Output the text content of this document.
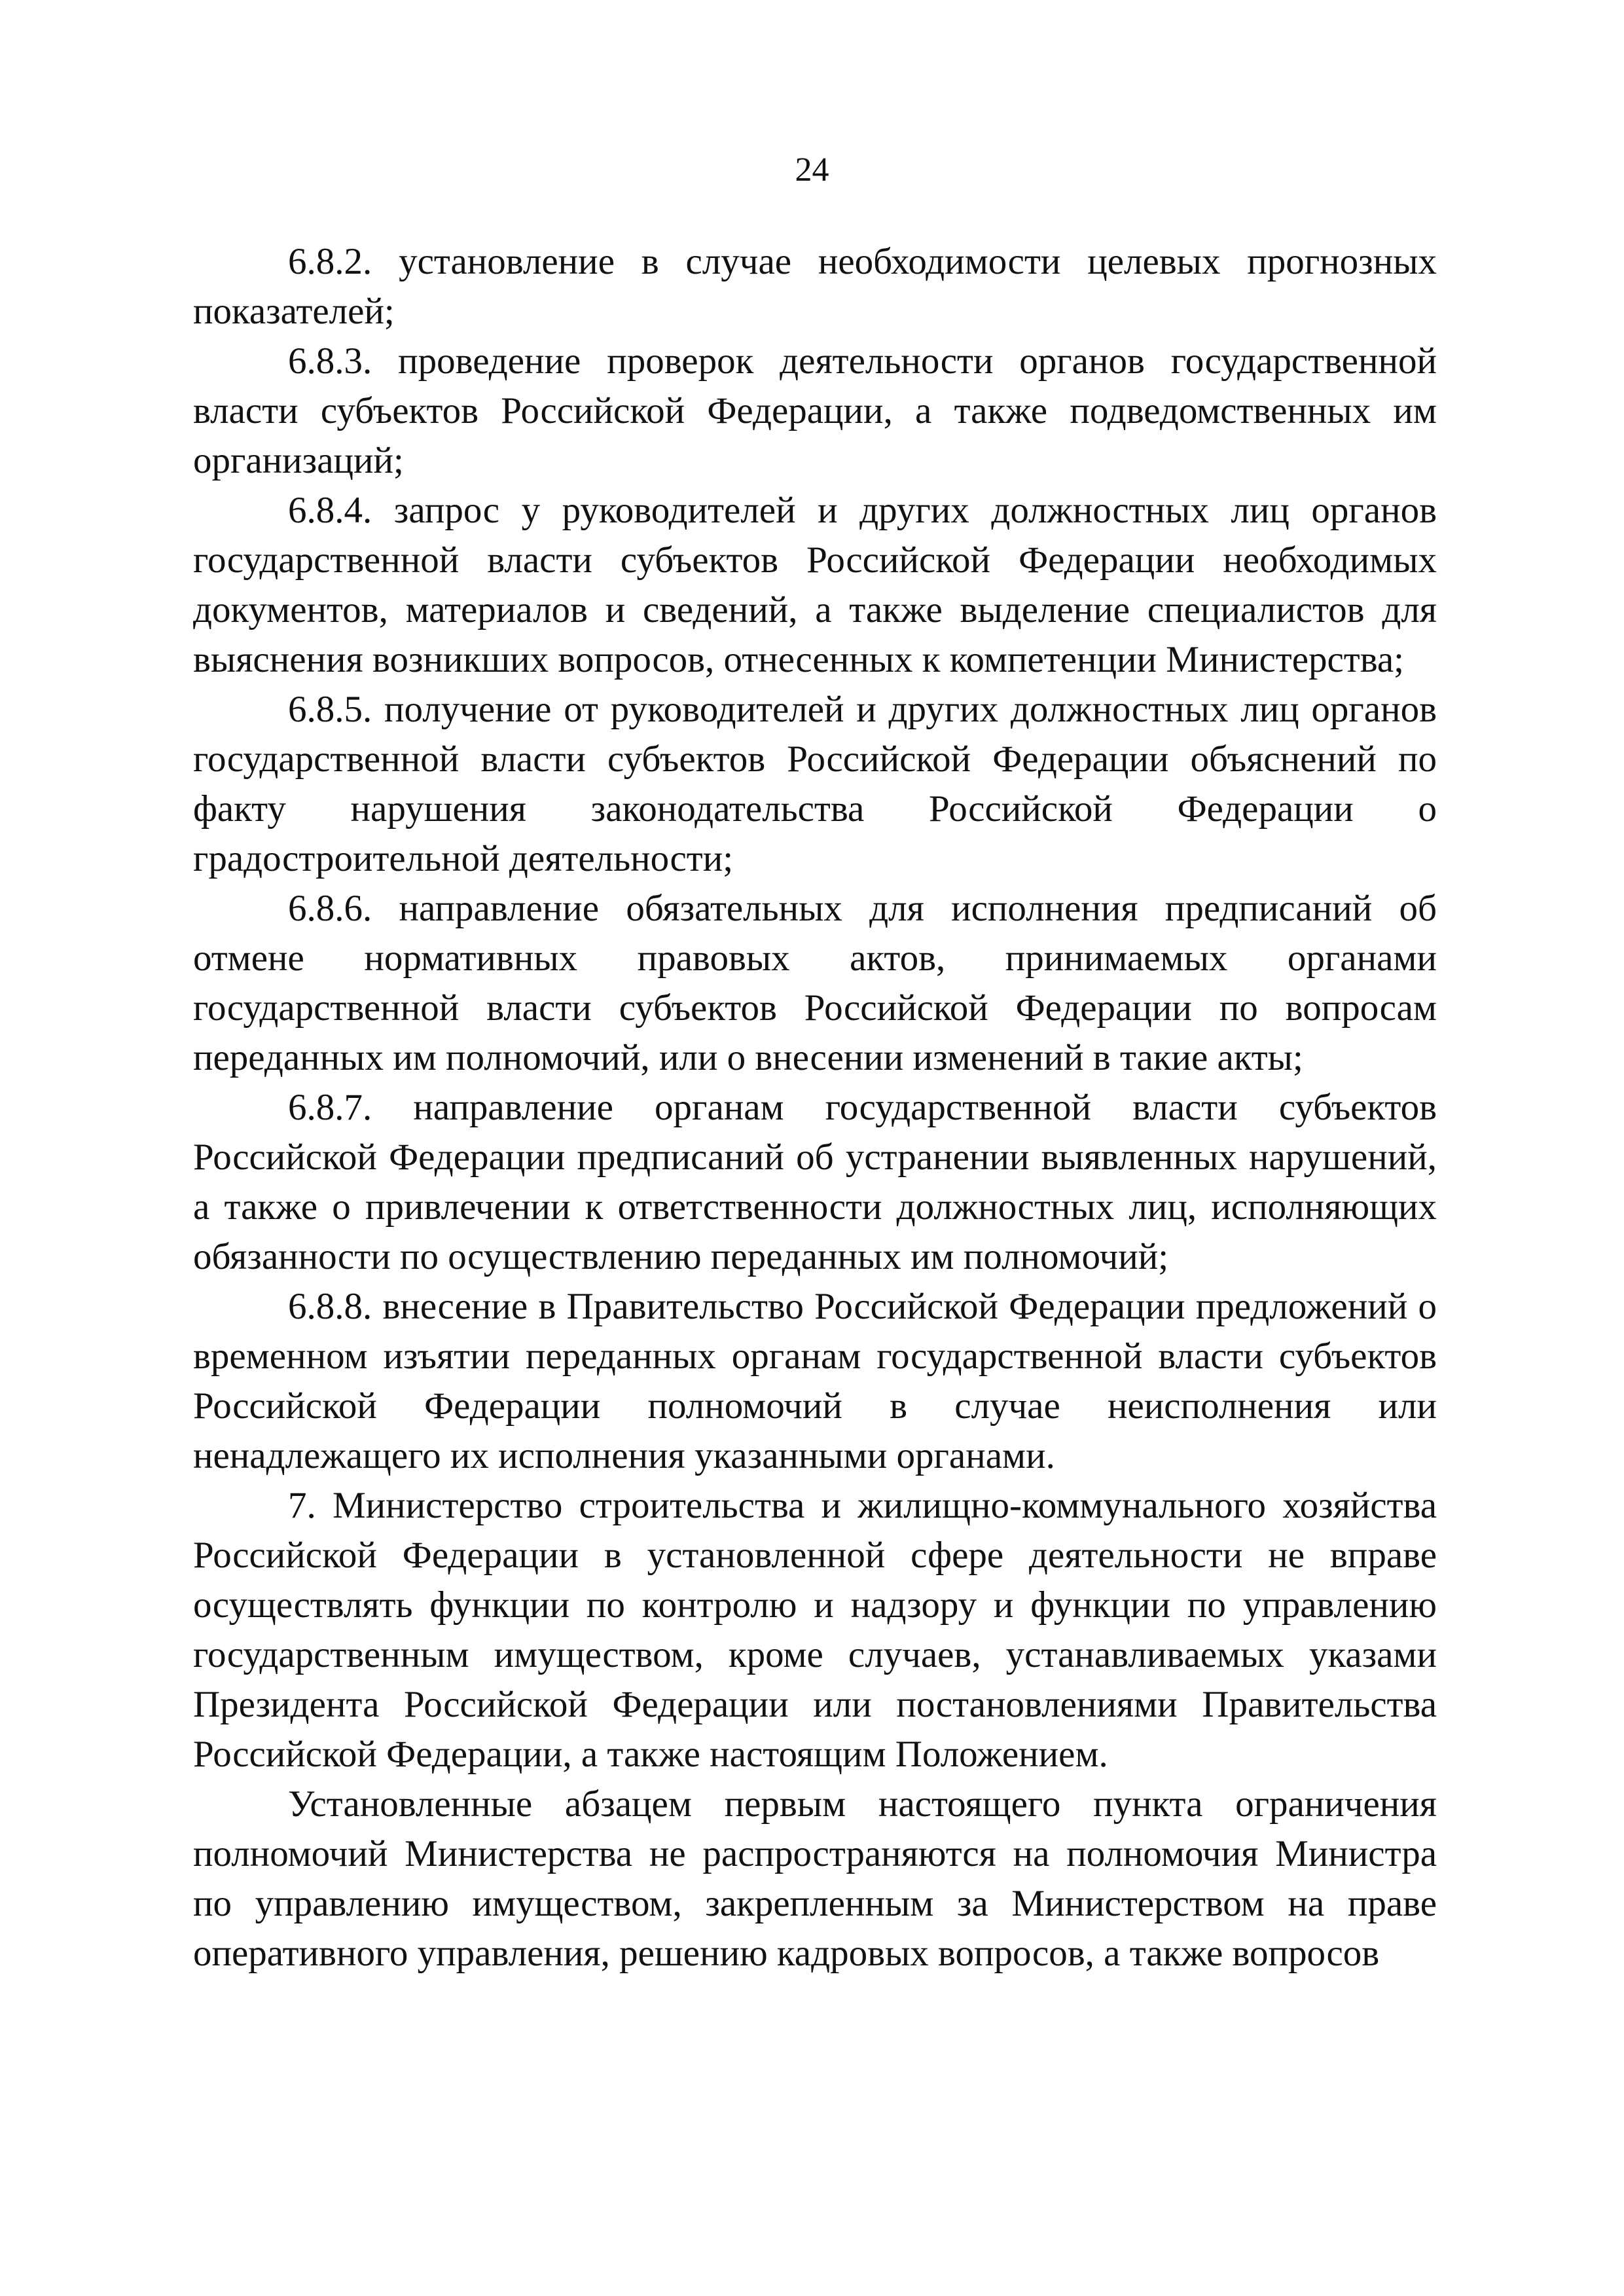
24

6.8.2. установление в случае необходимости целевых прогнозных показателей;

6.8.3. проведение проверок деятельности органов государственной власти субъектов Российской Федерации, а также подведомственных им организаций;

6.8.4. запрос у руководителей и других должностных лиц органов государственной власти субъектов Российской Федерации необходимых документов, материалов и сведений, а также выделение специалистов для выяснения возникших вопросов, отнесенных к компетенции Министерства;

6.8.5. получение от руководителей и других должностных лиц органов государственной власти субъектов Российской Федерации объяснений по факту нарушения законодательства Российской Федерации о градостроительной деятельности;

6.8.6. направление обязательных для исполнения предписаний об отмене нормативных правовых актов, принимаемых органами государственной власти субъектов Российской Федерации по вопросам переданных им полномочий, или о внесении изменений в такие акты;

6.8.7. направление органам государственной власти субъектов Российской Федерации предписаний об устранении выявленных нарушений, а также о привлечении к ответственности должностных лиц, исполняющих обязанности по осуществлению переданных им полномочий;

6.8.8. внесение в Правительство Российской Федерации предложений о временном изъятии переданных органам государственной власти субъектов Российской Федерации полномочий в случае неисполнения или ненадлежащего их исполнения указанными органами.

7. Министерство строительства и жилищно-коммунального хозяйства Российской Федерации в установленной сфере деятельности не вправе осуществлять функции по контролю и надзору и функции по управлению государственным имуществом, кроме случаев, устанавливаемых указами Президента Российской Федерации или постановлениями Правительства Российской Федерации, а также настоящим Положением.

Установленные абзацем первым настоящего пункта ограничения полномочий Министерства не распространяются на полномочия Министра по управлению имуществом, закрепленным за Министерством на праве оперативного управления, решению кадровых вопросов, а также вопросов
